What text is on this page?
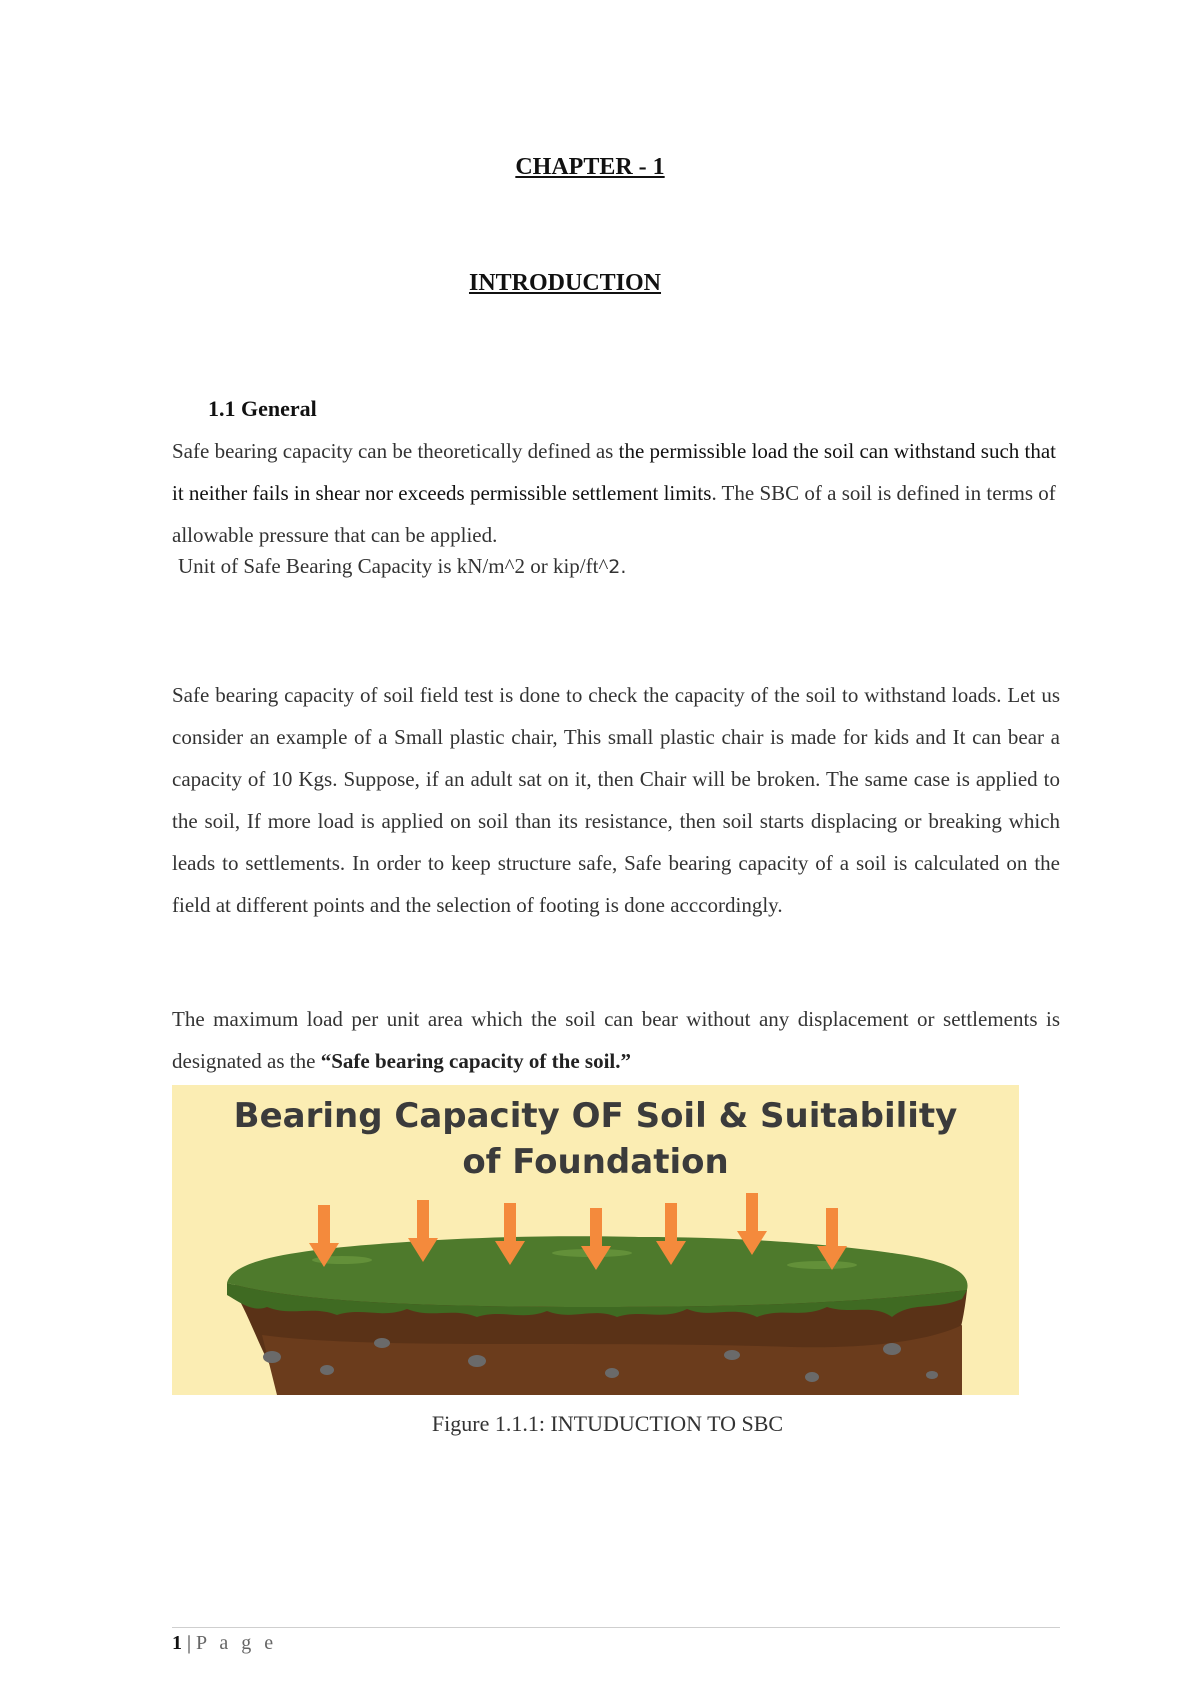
CHAPTER - 1
INTRODUCTION
1.1 General

Safe bearing capacity can be theoretically defined as the permissible load the soil can withstand such that it neither fails in shear nor exceeds permissible settlement limits. The SBC of a soil is defined in terms of allowable pressure that can be applied.

Unit of Safe Bearing Capacity is kN/m^2 or kip/ft^2.

Safe bearing capacity of soil field test is done to check the capacity of the soil to withstand loads. Let us consider an example of a Small plastic chair, This small plastic chair is made for kids and It can bear a capacity of 10 Kgs. Suppose, if an adult sat on it, then Chair will be broken. The same case is applied to the soil, If more load is applied on soil than its resistance, then soil starts displacing or breaking which leads to settlements. In order to keep structure safe, Safe bearing capacity of a soil is calculated on the field at different points and the selection of footing is done acccordingly.

The maximum load per unit area which the soil can bear without any displacement or settlements is designated as the “Safe bearing capacity of the soil.”

Bearing Capacity OF Soil & Suitability
of Foundation
Figure 1.1.1: INTUDUCTION TO SBC
1 | P a g e
